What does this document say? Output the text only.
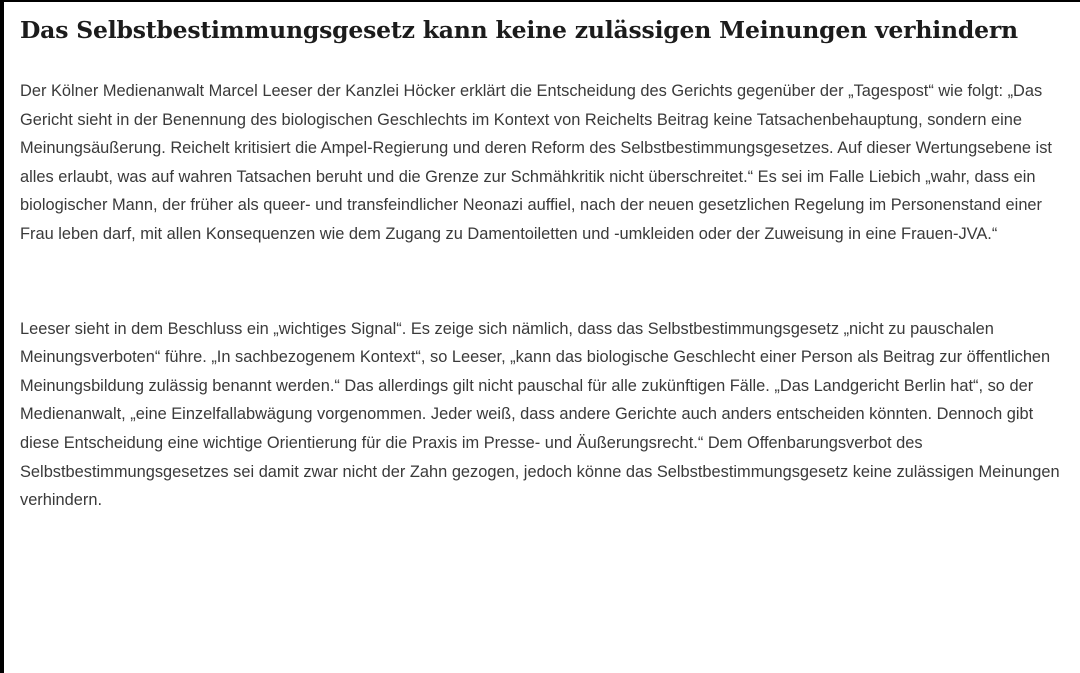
Das Selbstbestimmungsgesetz kann keine zulässigen Meinungen verhindern

Der Kölner Medienanwalt Marcel Leeser der Kanzlei Höcker erklärt die Entscheidung des Gerichts gegenüber der „Tagespost“ wie folgt: „Das Gericht sieht in der Benennung des biologischen Geschlechts im Kontext von Reichelts Beitrag keine Tatsachenbehauptung, sondern eine Meinungsäußerung. Reichelt kritisiert die Ampel-Regierung und deren Reform des Selbstbestimmungsgesetzes. Auf dieser Wertungsebene ist alles erlaubt, was auf wahren Tatsachen beruht und die Grenze zur Schmähkritik nicht überschreitet.“ Es sei im Falle Liebich „wahr, dass ein biologischer Mann, der früher als queer- und transfeindlicher Neonazi auffiel, nach der neuen gesetzlichen Regelung im Personenstand einer Frau leben darf, mit allen Konsequenzen wie dem Zugang zu Damentoiletten und -umkleiden oder der Zuweisung in eine Frauen-JVA.“

Leeser sieht in dem Beschluss ein „wichtiges Signal“. Es zeige sich nämlich, dass das Selbstbestimmungsgesetz „nicht zu pauschalen Meinungsverboten“ führe. „In sachbezogenem Kontext“, so Leeser, „kann das biologische Geschlecht einer Person als Beitrag zur öffentlichen Meinungsbildung zulässig benannt werden.“ Das allerdings gilt nicht pauschal für alle zukünftigen Fälle. „Das Landgericht Berlin hat“, so der Medienanwalt, „eine Einzelfallabwägung vorgenommen. Jeder weiß, dass andere Gerichte auch anders entscheiden könnten. Dennoch gibt diese Entscheidung eine wichtige Orientierung für die Praxis im Presse- und Äußerungsrecht.“ Dem Offenbarungsverbot des Selbstbestimmungsgesetzes sei damit zwar nicht der Zahn gezogen, jedoch könne das Selbstbestimmungsgesetz keine zulässigen Meinungen verhindern.
